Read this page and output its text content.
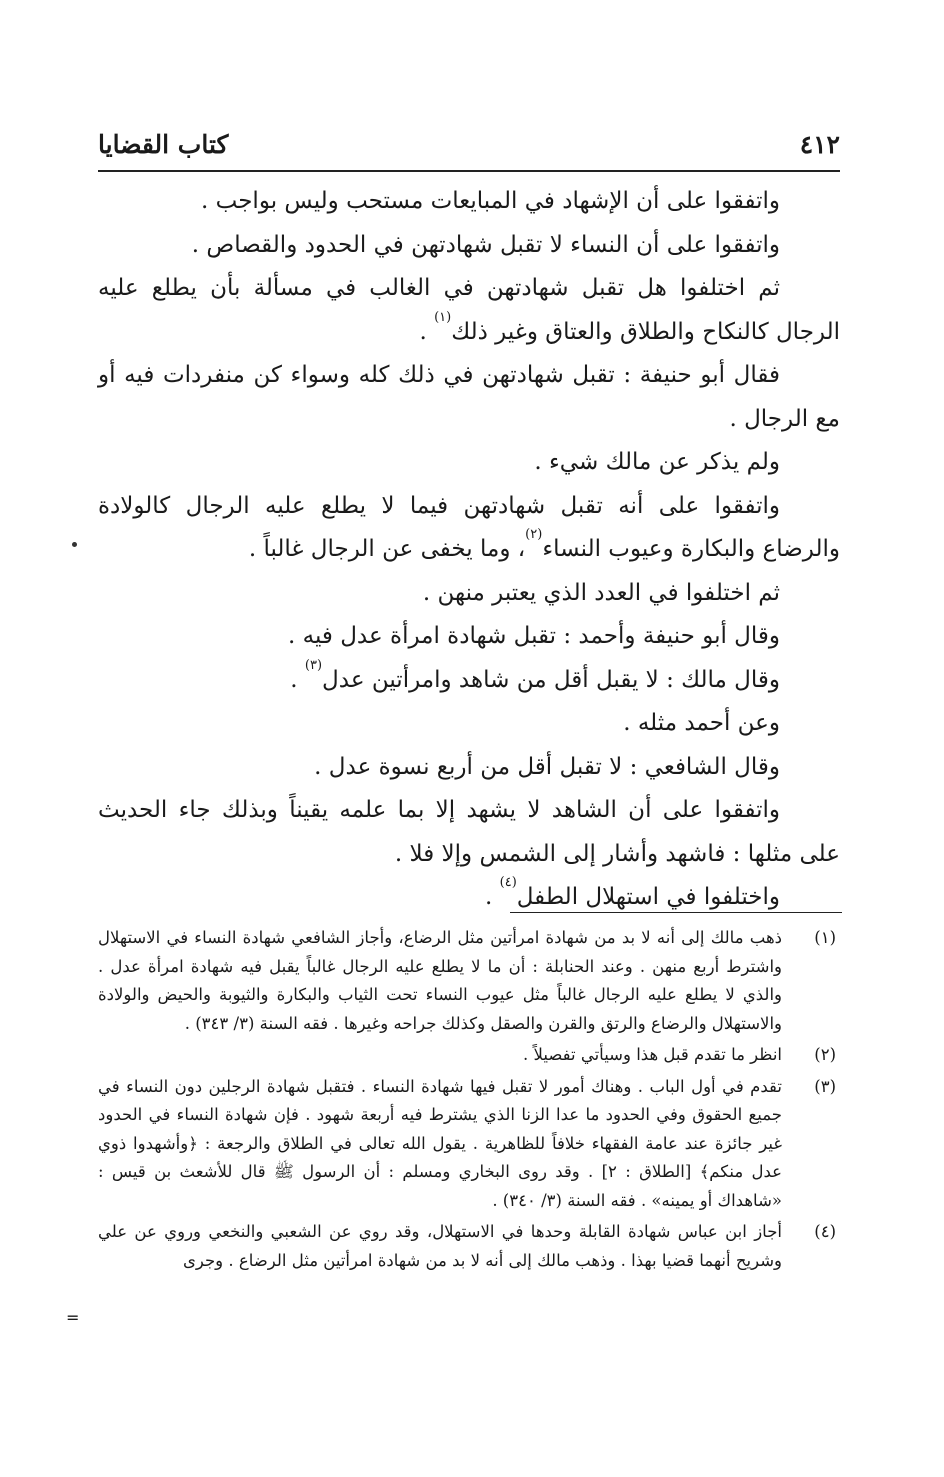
٤١٢
كتاب القضايا

واتفقوا على أن الإشهاد في المبايعات مستحب وليس بواجب .

واتفقوا على أن النساء لا تقبل شهادتهن في الحدود والقصاص .

ثم اختلفوا هل تقبل شهادتهن في الغالب في مسألة بأن يطلع عليه الرجال كالنكاح والطلاق والعتاق وغير ذلك$^{(١)}$ .

فقال أبو حنيفة : تقبل شهادتهن في ذلك كله وسواء كن منفردات فيه أو مع الرجال .

ولم يذكر عن مالك شيء .

واتفقوا على أنه تقبل شهادتهن فيما لا يطلع عليه الرجال كالولادة والرضاع والبكارة وعيوب النساء$^{(٢)}$، وما يخفى عن الرجال غالباً .

ثم اختلفوا في العدد الذي يعتبر منهن .

وقال أبو حنيفة وأحمد : تقبل شهادة امرأة عدل فيه .

وقال مالك : لا يقبل أقل من شاهد وامرأتين عدل$^{(٣)}$ .

وعن أحمد مثله .

وقال الشافعي : لا تقبل أقل من أربع نسوة عدل .

واتفقوا على أن الشاهد لا يشهد إلا بما علمه يقيناً وبذلك جاء الحديث على مثلها : فاشهد وأشار إلى الشمس وإلا فلا .

واختلفوا في استهلال الطفل$^{(٤)}$ .

(١)
ذهب مالك إلى أنه لا بد من شهادة امرأتين مثل الرضاع، وأجاز الشافعي شهادة النساء في الاستهلال واشترط أربع منهن . وعند الحنابلة : أن ما لا يطلع عليه الرجال غالباً يقبل فيه شهادة امرأة عدل . والذي لا يطلع عليه الرجال غالباً مثل عيوب النساء تحت الثياب والبكارة والثيوبة والحيض والولادة والاستهلال والرضاع والرتق والقرن والصقل وكذلك جراحه وغيرها . فقه السنة (٣/ ٣٤٣) .

(٢)
انظر ما تقدم قبل هذا وسيأتي تفصيلاً .

(٣)
تقدم في أول الباب . وهناك أمور لا تقبل فيها شهادة النساء . فتقبل شهادة الرجلين دون النساء في جميع الحقوق وفي الحدود ما عدا الزنا الذي يشترط فيه أربعة شهود . فإن شهادة النساء في الحدود غير جائزة عند عامة الفقهاء خلافاً للظاهرية . يقول الله تعالى في الطلاق والرجعة : ﴿وأشهدوا ذوي عدل منكم﴾ [الطلاق : ٢] . وقد روى البخاري ومسلم : أن الرسول ﷺ قال للأشعث بن قيس : «شاهداك أو يمينه» . فقه السنة (٣/ ٣٤٠) .

(٤)
أجاز ابن عباس شهادة القابلة وحدها في الاستهلال، وقد روي عن الشعبي والنخعي وروي عن علي وشريح أنهما قضيا بهذا . وذهب مالك إلى أنه لا بد من شهادة امرأتين مثل الرضاع . وجرى

=
